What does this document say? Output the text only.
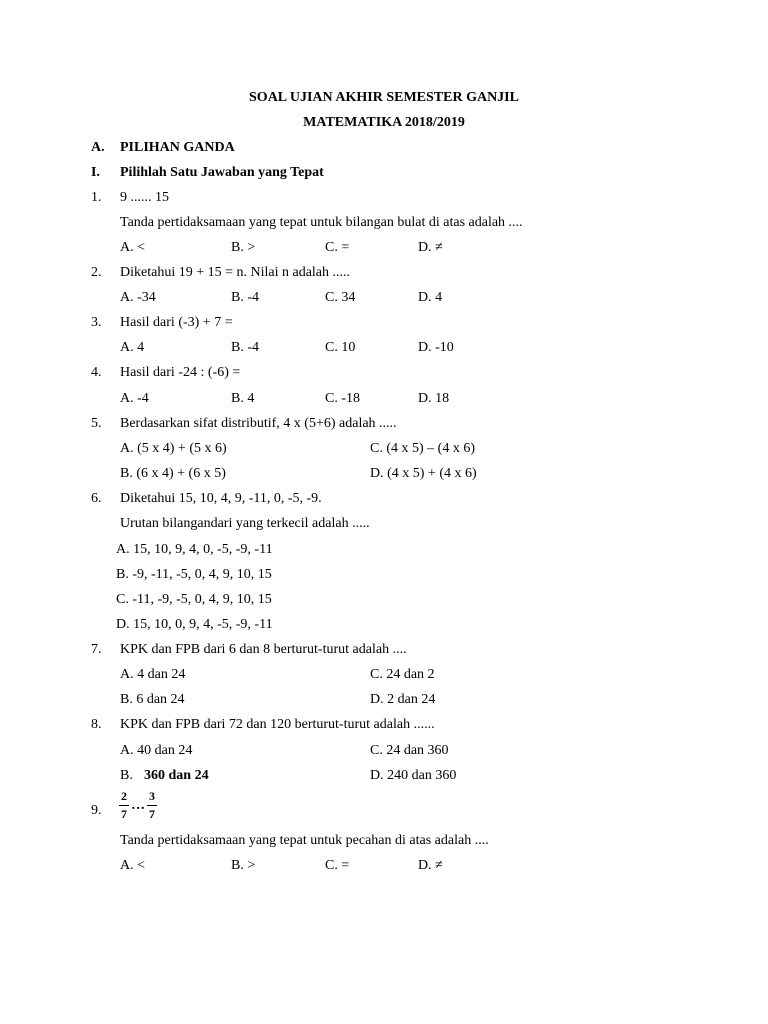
SOAL UJIAN AKHIR SEMESTER GANJIL
MATEMATIKA 2018/2019
A. PILIHAN GANDA
I. Pilihlah Satu Jawaban yang Tepat
1. 9 ...... 15
Tanda pertidaksamaan yang tepat untuk bilangan bulat di atas adalah ....
A. <	B. >	C. =	D. ≠
2. Diketahui 19 + 15 = n. Nilai n adalah .....
A. -34	B. -4	C. 34	D. 4
3. Hasil dari (-3) + 7 =
A. 4	B. -4	C. 10	D. -10
4. Hasil dari -24 : (-6) =
A. -4	B. 4	C. -18	D. 18
5. Berdasarkan sifat distributif, 4 x (5+6) adalah .....
A. (5 x 4) + (5 x 6)	C. (4 x 5) – (4 x 6)
B. (6 x 4) + (6 x 5)	D. (4 x 5) + (4 x 6)
6. Diketahui 15, 10, 4, 9, -11, 0, -5, -9.
Urutan bilangandari yang terkecil adalah .....
A. 15, 10, 9, 4, 0, -5, -9, -11
B. -9, -11, -5, 0, 4, 9, 10, 15
C. -11, -9, -5, 0, 4, 9, 10, 15
D. 15, 10, 0, 9, 4, -5, -9, -11
7. KPK dan FPB dari 6 dan 8 berturut-turut adalah ....
A. 4 dan 24	C. 24 dan 2
B. 6 dan 24	D. 2 dan 24
8. KPK dan FPB dari 72 dan 120 berturut-turut adalah ......
A. 40 dan 24	C. 24 dan 360
B. 360 dan 24	D. 240 dan 360
9.
2
7
…
3
7
Tanda pertidaksamaan yang tepat untuk pecahan di atas adalah ....
A. <	B. >	C. =	D. ≠
